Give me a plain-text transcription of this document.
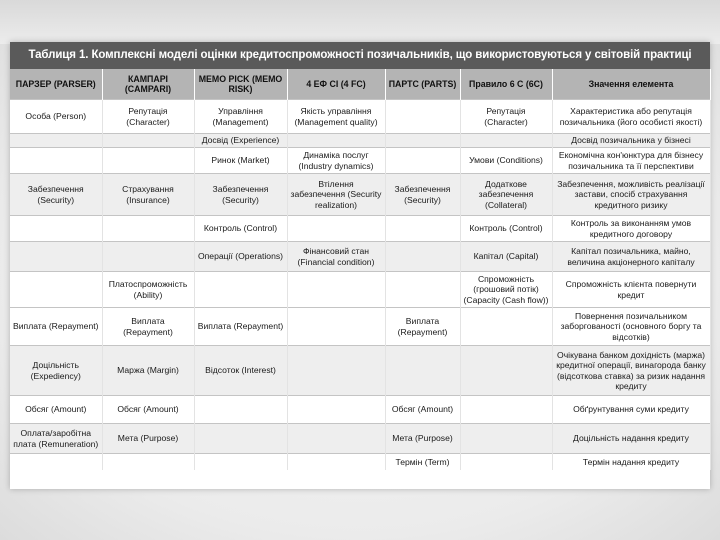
Таблиця 1. Комплексні моделі оцінки кредитоспроможності позичальників, що використовуються у світовій практиці
ПАРЗЕР (PARSER)	КАМПАРІ (CAMPARI)	MEMO PICK (MEMO RISK)	4 ЕФ СІ (4 FC)	ПАРТС (PARTS)	Правило 6 С (6С)	Значення елемента
Особа (Person)	Репутація (Character)	Управління (Management)	Якість управління (Management quality)		Репутація (Character)	Характеристика або репутація позичальника (його особисті якості)
		Досвід (Experience)				Досвід позичальника у бізнесі
		Ринок (Market)	Динаміка послуг (Industry dynamics)		Умови (Conditions)	Економічна кон'юнктура для бізнесу позичальника та її перспективи
Забезпечення (Security)	Страхування (Insurance)	Забезпечення (Security)	Втілення забезпечення (Security realization)	Забезпечення (Security)	Додаткове забезпечення (Collateral)	Забезпечення, можливість реалізації застави, спосіб страхування кредитного ризику
		Контроль (Control)			Контроль (Control)	Контроль за виконанням умов кредитного договору
		Операції (Operations)	Фінансовий стан (Financial condition)		Капітал (Capital)	Капітал позичальника, майно, величина акціонерного капіталу
	Платоспроможність (Ability)				Спроможність (грошовий потік) (Capacity (Cash flow))	Спроможність клієнта повернути кредит
Виплата (Repayment)	Виплата (Repayment)	Виплата (Repayment)		Виплата (Repayment)		Повернення позичальником заборгованості (основного боргу та відсотків)
Доцільність (Expediency)	Маржа (Margin)	Відсоток (Interest)				Очікувана банком дохідність (маржа) кредитної операції, винагорода банку (відсоткова ставка) за ризик надання кредиту
Обсяг (Amount)	Обсяг (Amount)			Обсяг (Amount)		Обґрунтування суми кредиту
Оплата/заробітна плата (Remuneration)	Мета (Purpose)			Мета (Purpose)		Доцільність надання кредиту
				Термін (Term)		Термін надання кредиту
